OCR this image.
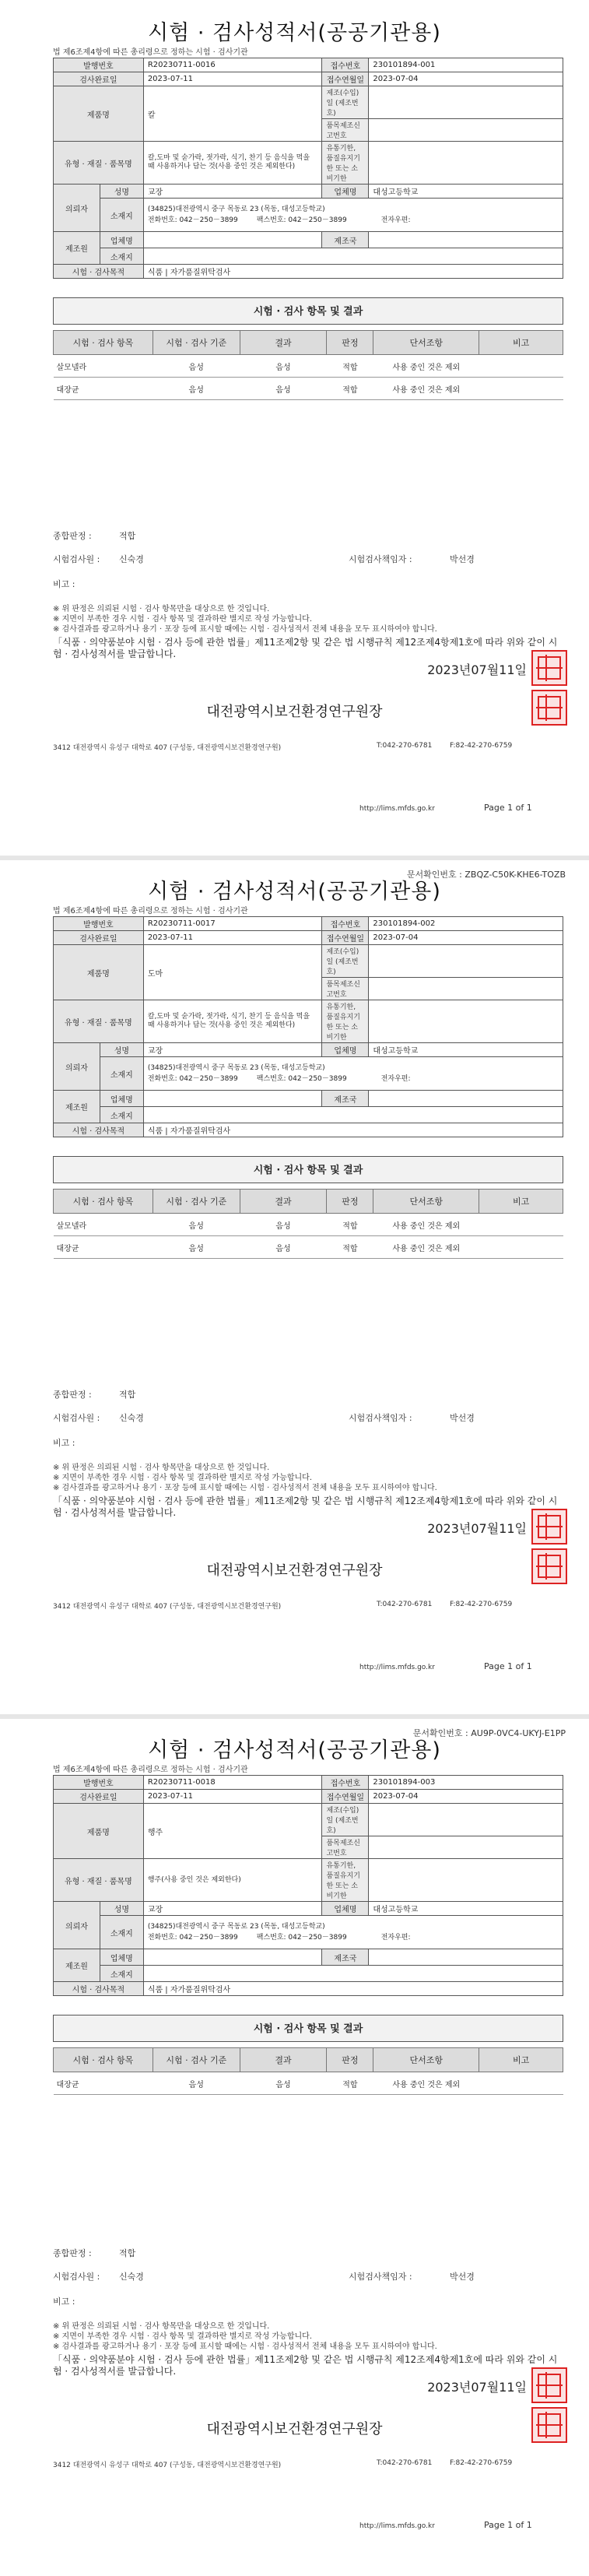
시험 · 검사성적서(공공기관용)
법 제6조제4항에 따른 총리령으로 정하는 시험 · 검사기관
발행번호		R20230711-0016	접수번호	230101894-001
검사완료일		2023-07-11	접수연월일	2023-07-04
제품명		칼	제조(수입)일 (제조번호)	
			품목제조신고번호	
유형 · 재질 · 품목명		칼,도마 및 숟가락, 젓가락, 식기, 찬기 등 음식을 먹을 때 사용하거나 담는 것(사용 중인 것은 제외한다)	유통기한, 품질유지기한 또는 소비기한	
의뢰자	성명	교장	업체명	대성고등학교
	소재지	(34825)대전광역시 중구 목동로 23 (목동, 대성고등학교)
전화번호: 042－250－3899 팩스번호: 042－250－3899 전자우편:		

제조원	업체명		제조국	
	소재지			
시험 · 검사목적		식품 | 자가품질위탁검사		
시험 · 검사 항목 및 결과
시험 · 검사 항목	시험 · 검사 기준	결과	판정	단서조항	비고
살모넬라	음성	음성	적합	사용 중인 것은 제외	
대장균	음성	음성	적합	사용 중인 것은 제외	
종합판정 :	적합
시험검사원 : 신숙경	시험검사책임자 :	박선경
비고 :
※ 위 판정은 의뢰된 시험 · 검사 항목만을 대상으로 한 것입니다.
※ 지면이 부족한 경우 시험 · 검사 항목 및 결과하란 별지로 작성 가능합니다.
※ 검사결과를 광고하거나 용기 · 포장 등에 표시할 때에는 시험 · 검사성적서 전체 내용을 모두 표시하여야 합니다.
「식품 · 의약품분야 시험 · 검사 등에 관한 법률」제11조제2항 및 같은 법 시행규칙 제12조제4항제1호에 따라 위와 같이 시험 · 검사성적서를 발급합니다.
2023년07월11일
대전광역시보건환경연구원장
3412 대전광역시 유성구 대학로 407 (구성동, 대전광역시보건환경연구원)	T:042-270-6781	F:82-42-270-6759
http://lims.mfds.go.kr	Page 1 of 1
문서확인번호 : ZBQZ-C50K-KHE6-TOZB
시험 · 검사성적서(공공기관용)
법 제6조제4항에 따른 총리령으로 정하는 시험 · 검사기관
발행번호		R20230711-0017	접수번호	230101894-002
검사완료일		2023-07-11	접수연월일	2023-07-04
제품명		도마	제조(수입)일 (제조번호)	
			품목제조신고번호	
유형 · 재질 · 품목명		칼,도마 및 숟가락, 젓가락, 식기, 찬기 등 음식을 먹을 때 사용하거나 담는 것(사용 중인 것은 제외한다)	유통기한, 품질유지기한 또는 소비기한	
의뢰자	성명	교장	업체명	대성고등학교
	소재지	(34825)대전광역시 중구 목동로 23 (목동, 대성고등학교)
전화번호: 042－250－3899 팩스번호: 042－250－3899 전자우편:		

제조원	업체명		제조국	
	소재지			
시험 · 검사목적		식품 | 자가품질위탁검사		
시험 · 검사 항목 및 결과
시험 · 검사 항목	시험 · 검사 기준	결과	판정	단서조항	비고
살모넬라	음성	음성	적합	사용 중인 것은 제외	
대장균	음성	음성	적합	사용 중인 것은 제외	
종합판정 :	적합
시험검사원 : 신숙경	시험검사책임자 :	박선경
비고 :
※ 위 판정은 의뢰된 시험 · 검사 항목만을 대상으로 한 것입니다.
※ 지면이 부족한 경우 시험 · 검사 항목 및 결과하란 별지로 작성 가능합니다.
※ 검사결과를 광고하거나 용기 · 포장 등에 표시할 때에는 시험 · 검사성적서 전체 내용을 모두 표시하여야 합니다.
「식품 · 의약품분야 시험 · 검사 등에 관한 법률」제11조제2항 및 같은 법 시행규칙 제12조제4항제1호에 따라 위와 같이 시험 · 검사성적서를 발급합니다.
2023년07월11일
대전광역시보건환경연구원장
3412 대전광역시 유성구 대학로 407 (구성동, 대전광역시보건환경연구원)	T:042-270-6781	F:82-42-270-6759
http://lims.mfds.go.kr	Page 1 of 1
문서확인번호 : AU9P-0VC4-UKYJ-E1PP
시험 · 검사성적서(공공기관용)
법 제6조제4항에 따른 총리령으로 정하는 시험 · 검사기관
발행번호		R20230711-0018	접수번호	230101894-003
검사완료일		2023-07-11	접수연월일	2023-07-04
제품명		행주	제조(수입)일 (제조번호)	
			품목제조신고번호	
유형 · 재질 · 품목명		행주(사용 중인 것은 제외한다)	유통기한, 품질유지기한 또는 소비기한	
의뢰자	성명	교장	업체명	대성고등학교
	소재지	(34825)대전광역시 중구 목동로 23 (목동, 대성고등학교)
전화번호: 042－250－3899 팩스번호: 042－250－3899 전자우편:		

제조원	업체명		제조국	
	소재지			
시험 · 검사목적		식품 | 자가품질위탁검사		
시험 · 검사 항목 및 결과
시험 · 검사 항목	시험 · 검사 기준	결과	판정	단서조항	비고
대장균	음성	음성	적합	사용 중인 것은 제외	
종합판정 :	적합
시험검사원 : 신숙경	시험검사책임자 :	박선경
비고 :
※ 위 판정은 의뢰된 시험 · 검사 항목만을 대상으로 한 것입니다.
※ 지면이 부족한 경우 시험 · 검사 항목 및 결과하란 별지로 작성 가능합니다.
※ 검사결과를 광고하거나 용기 · 포장 등에 표시할 때에는 시험 · 검사성적서 전체 내용을 모두 표시하여야 합니다.
「식품 · 의약품분야 시험 · 검사 등에 관한 법률」제11조제2항 및 같은 법 시행규칙 제12조제4항제1호에 따라 위와 같이 시험 · 검사성적서를 발급합니다.
2023년07월11일
대전광역시보건환경연구원장
3412 대전광역시 유성구 대학로 407 (구성동, 대전광역시보건환경연구원)	T:042-270-6781	F:82-42-270-6759
http://lims.mfds.go.kr	Page 1 of 1
